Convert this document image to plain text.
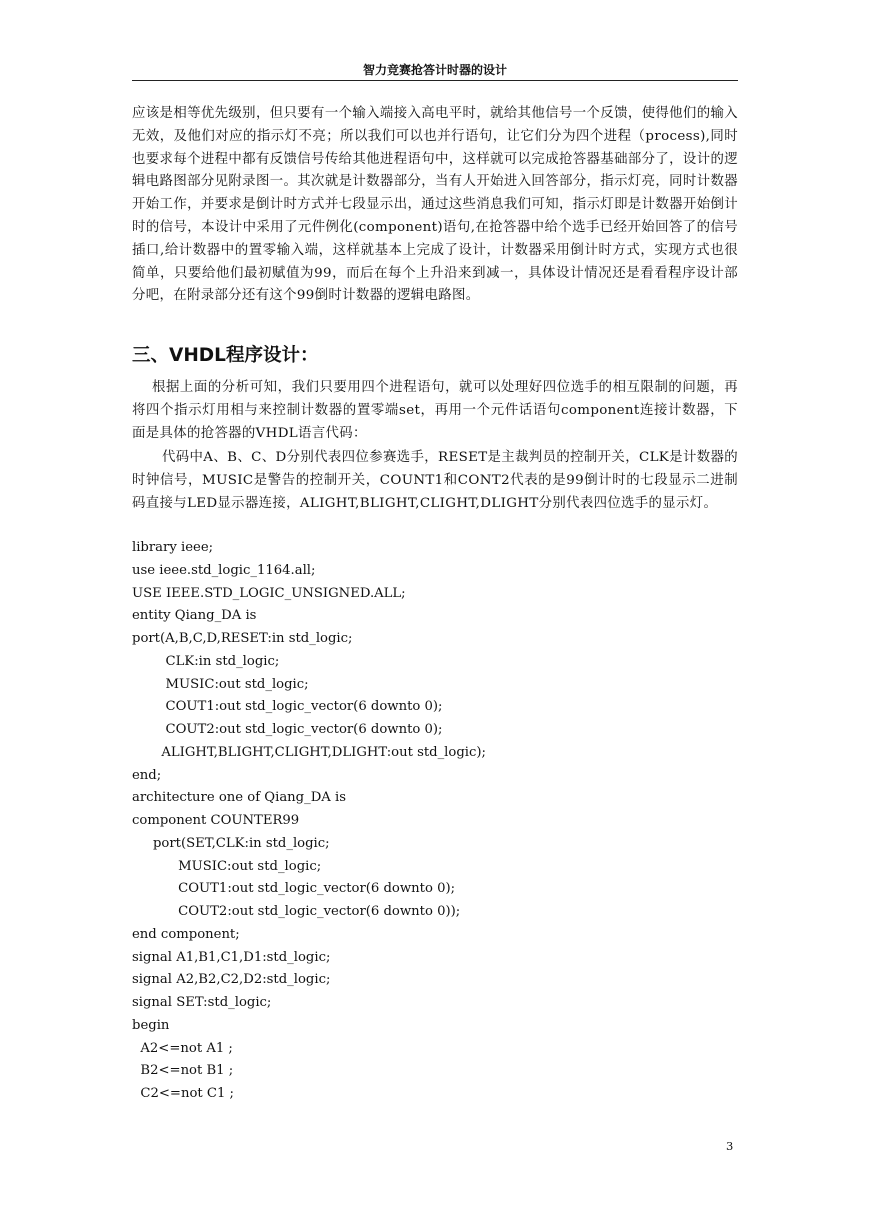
智力竞赛抢答计时器的设计

应该是相等优先级别，但只要有一个输入端接入高电平时，就给其他信号一个反馈，使得他们的输入无效，及他们对应的指示灯不亮；所以我们可以也并行语句，让它们分为四个进程（process),同时也要求每个进程中都有反馈信号传给其他进程语句中，这样就可以完成抢答器基础部分了，设计的逻辑电路图部分见附录图一。其次就是计数器部分，当有人开始进入回答部分，指示灯亮，同时计数器开始工作，并要求是倒计时方式并七段显示出，通过这些消息我们可知，指示灯即是计数器开始倒计时的信号，本设计中采用了元件例化(component)语句,在抢答器中给个选手已经开始回答了的信号插口,给计数器中的置零输入端，这样就基本上完成了设计，计数器采用倒计时方式，实现方式也很简单，只要给他们最初赋值为99，而后在每个上升沿来到减一，具体设计情况还是看看程序设计部分吧，在附录部分还有这个99倒时计数器的逻辑电路图。

三、VHDL程序设计：

根据上面的分析可知，我们只要用四个进程语句，就可以处理好四位选手的相互限制的问题，再将四个指示灯用相与来控制计数器的置零端set，再用一个元件话语句component连接计数器，下面是具体的抢答器的VHDL语言代码：

代码中A、B、C、D分别代表四位参赛选手，RESET是主裁判员的控制开关，CLK是计数器的时钟信号，MUSIC是警告的控制开关，COUNT1和CONT2代表的是99倒计时的七段显示二进制码直接与LED显示器连接，ALIGHT,BLIGHT,CLIGHT,DLIGHT分别代表四位选手的显示灯。

library ieee;
use ieee.std_logic_1164.all;
USE IEEE.STD_LOGIC_UNSIGNED.ALL;
entity Qiang_DA is
port(A,B,C,D,RESET:in std_logic;
CLK:in std_logic;
MUSIC:out std_logic;
COUT1:out std_logic_vector(6 downto 0);
COUT2:out std_logic_vector(6 downto 0);
ALIGHT,BLIGHT,CLIGHT,DLIGHT:out std_logic);
end;
architecture one of Qiang_DA is
component COUNTER99
port(SET,CLK:in std_logic;
MUSIC:out std_logic;
COUT1:out std_logic_vector(6 downto 0);
COUT2:out std_logic_vector(6 downto 0));
end component;
signal A1,B1,C1,D1:std_logic;
signal A2,B2,C2,D2:std_logic;
signal SET:std_logic;
begin
A2<=not A1 ;
B2<=not B1 ;
C2<=not C1 ;
3
